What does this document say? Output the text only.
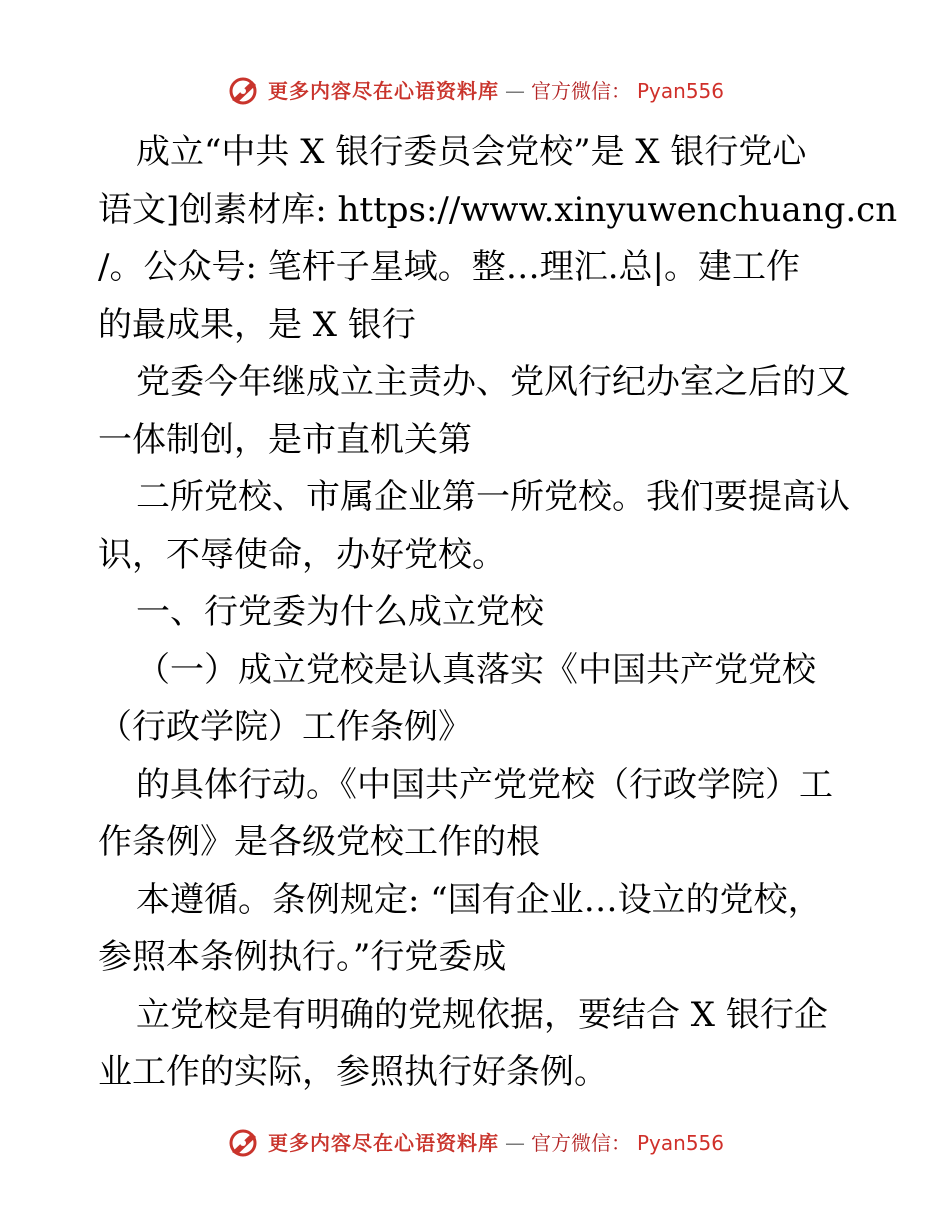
更多内容尽在心语资料库 — 官方微信： Pyan556
成立“中共 X 银行委员会党校”是 X 银行党心
语文]创素材库: https://www.xinyuwenchuang.cn
/。公众号: 笔杆子星域。整…理汇.总|。建工作
的最成果，是 X 银行
党委今年继成立主责办、党风行纪办室之后的又
一体制创，是市直机关第
二所党校、市属企业第一所党校。我们要提高认
识，不辱使命，办好党校。
一、行党委为什么成立党校
（一）成立党校是认真落实《中国共产党党校
（行政学院）工作条例》
的具体行动。《中国共产党党校（行政学院）工
作条例》是各级党校工作的根
本遵循。条例规定: “国有企业…设立的党校，
参照本条例执行。”行党委成
立党校是有明确的党规依据，要结合 X 银行企
业工作的实际，参照执行好条例。
更多内容尽在心语资料库 — 官方微信： Pyan556
